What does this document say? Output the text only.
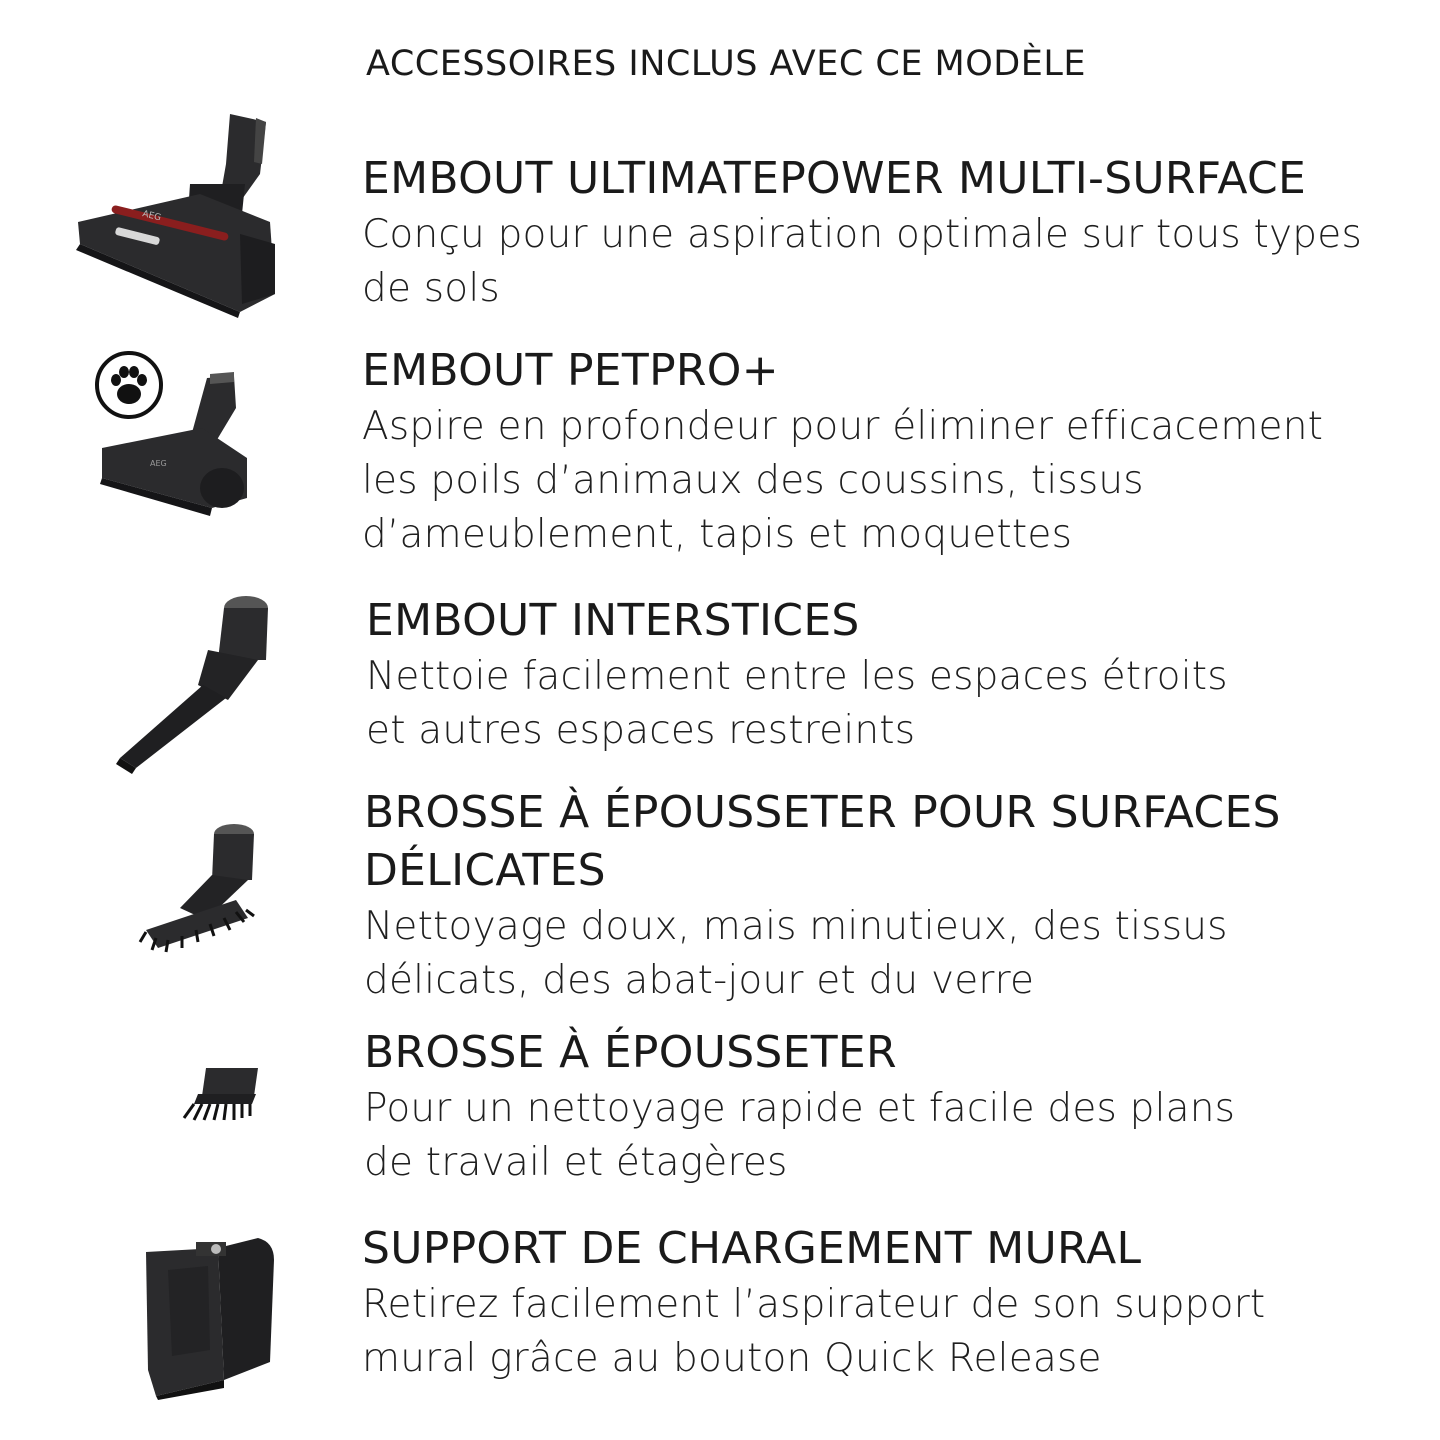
ACCESSOIRES INCLUS AVEC CE MODÈLE
AEG
EMBOUT ULTIMATEPOWER MULTI-SURFACE
Conçu pour une aspiration optimale sur tous types
de sols
AEG
EMBOUT PETPRO+
Aspire en profondeur pour éliminer efficacement
les poils d’animaux des coussins, tissus
d’ameublement, tapis et moquettes
EMBOUT INTERSTICES
Nettoie facilement entre les espaces étroits
et autres espaces restreints
BROSSE À ÉPOUSSETER POUR SURFACES
DÉLICATES
Nettoyage doux, mais minutieux, des tissus
délicats, des abat-jour et du verre
BROSSE À ÉPOUSSETER
Pour un nettoyage rapide et facile des plans
de travail et étagères
SUPPORT DE CHARGEMENT MURAL
Retirez facilement l’aspirateur de son support
mural grâce au bouton Quick Release
